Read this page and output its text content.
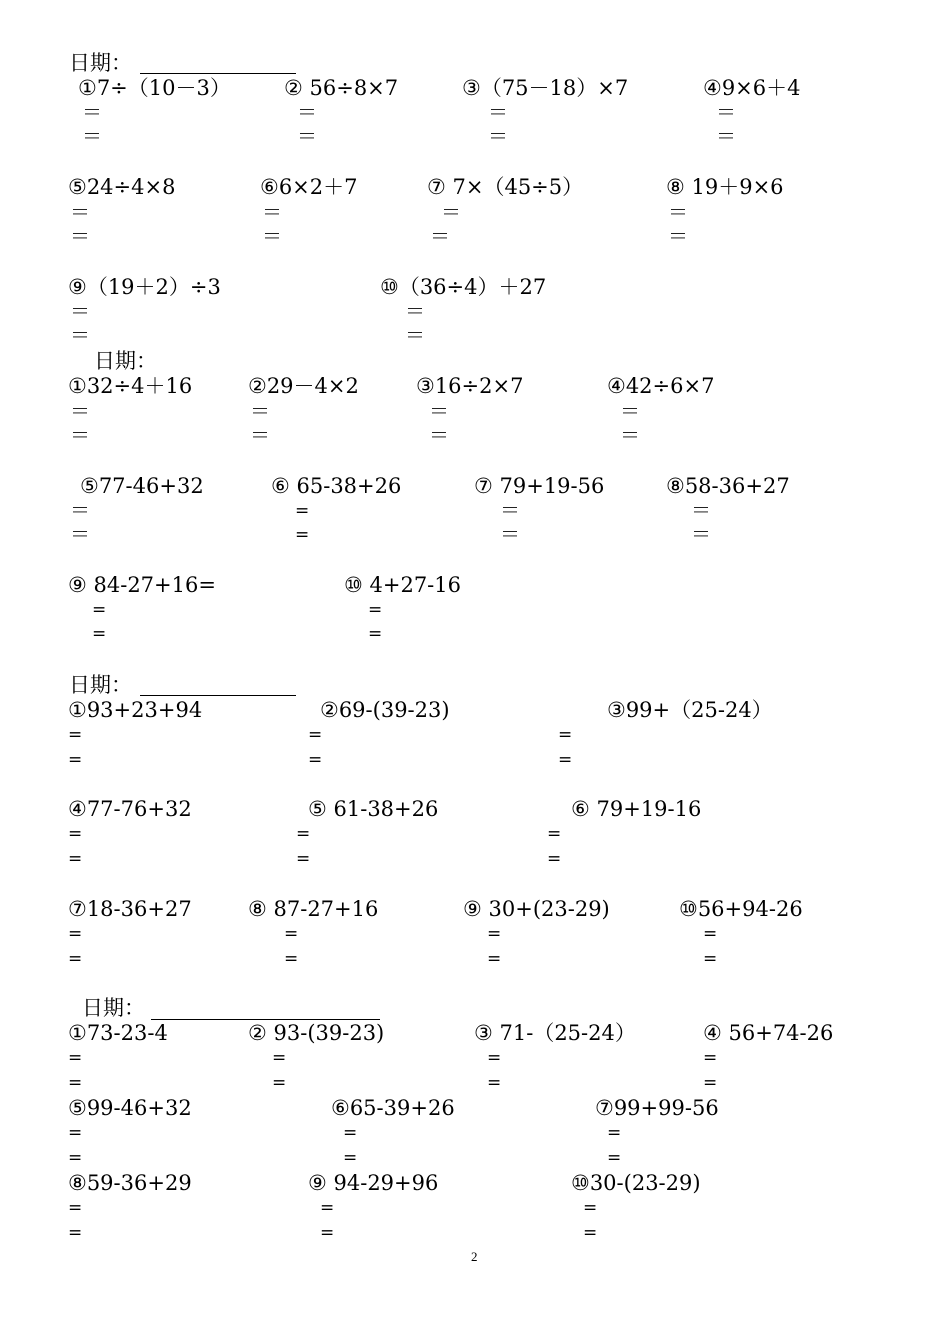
日期：
①7÷（10－3）
＝
＝
② 56÷8×7
＝
＝
③（75－18）×7
＝
＝
④9×6＋4
＝
＝
⑤24÷4×8
＝
＝
⑥6×2＋7
＝
＝
⑦ 7×（45÷5）
＝
＝
⑧ 19＋9×6
＝
＝
⑨（19＋2）÷3
＝
＝
⑩（36÷4）＋27
＝
＝
日期：
①32÷4＋16
＝
＝
②29－4×2
＝
＝
③16÷2×7
＝
＝
④42÷6×7
＝
＝
⑤77-46+32
＝
＝
⑥ 65-38+26
=
=
⑦ 79+19-56
＝
＝
⑧58-36+27
＝
＝
⑨ 84-27+16=
=
=
⑩ 4+27-16
=
=
日期：
①93+23+94
=
=
②69-(39-23)
=
=
③99+（25-24）
=
=
④77-76+32
=
=
⑤ 61-38+26
=
=
⑥ 79+19-16
=
=
⑦18-36+27
=
=
⑧ 87-27+16
=
=
⑨ 30+(23-29)
=
=
⑩56+94-26
=
=
日期：
①73-23-4
=
=
② 93-(39-23)
=
=
③ 71-（25-24）
=
=
④ 56+74-26
=
=
⑤99-46+32
=
=
⑥65-39+26
=
=
⑦99+99-56
=
=
⑧59-36+29
=
=
⑨ 94-29+96
=
=
⑩30-(23-29)
=
=
2
